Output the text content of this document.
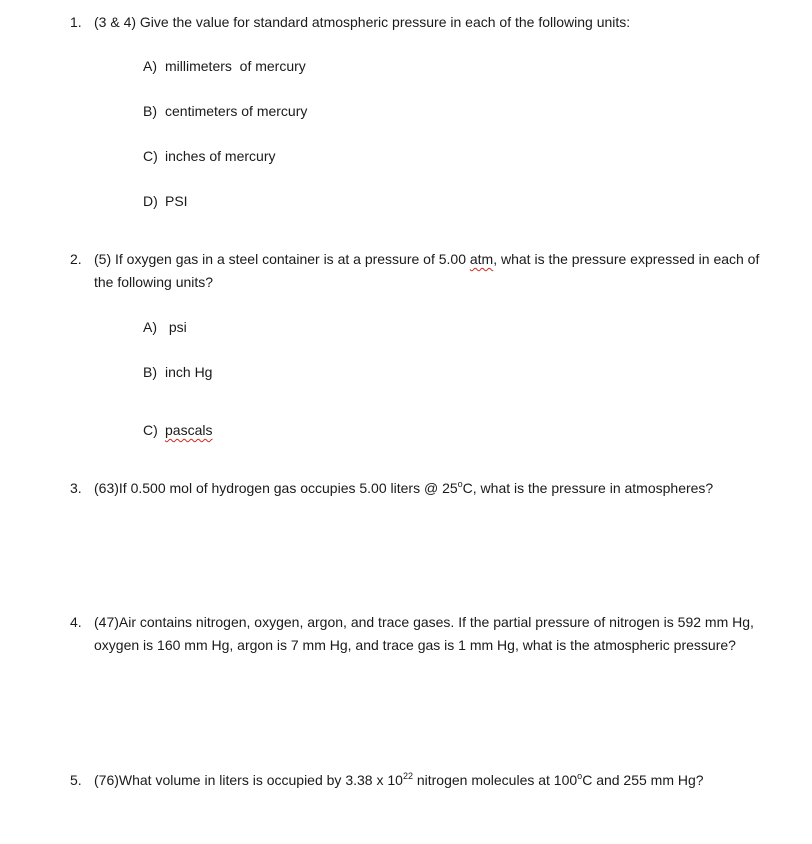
1. (3 & 4) Give the value for standard atmospheric pressure in each of the following units:
A) millimeters  of mercury
B) centimeters of mercury
C) inches of mercury
D) PSI
2. (5) If oxygen gas in a steel container is at a pressure of 5.00 atm, what is the pressure expressed in each of the following units?
A) psi
B) inch Hg
C) pascals
3. (63)If 0.500 mol of hydrogen gas occupies 5.00 liters @ 25$^o$C, what is the pressure in atmospheres?
4. (47)Air contains nitrogen, oxygen, argon, and trace gases. If the partial pressure of nitrogen is 592 mm Hg, oxygen is 160 mm Hg, argon is 7 mm Hg, and trace gas is 1 mm Hg, what is the atmospheric pressure?
5. (76)What volume in liters is occupied by 3.38 x $10^{22}$ nitrogen molecules at 100$^o$C and 255 mm Hg?
